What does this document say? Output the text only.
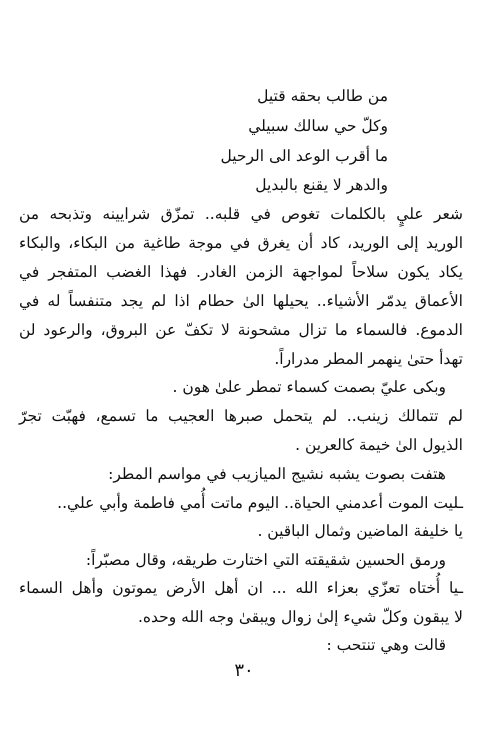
من طالب بحقه قتيل
وكلّ حي سالك سبيلي
ما أقرب الوعد الى الرحيل
والدهر لا يقنع بالبديل
شعر عليٍ بالكلمات تغوص في قلبه.. تمزّق شرايينه وتذبحه من
الوريد إلى الوريد، كاد أن يغرق في موجة طاغية من البكاء، والبكاء
يكاد يكون سلاحاً لمواجهة الزمن الغادر. فهذا الغضب المتفجر في
الأعماق يدمّر الأشياء.. يحيلها الىٰ حطام اذا لم يجد متنفساً له في
الدموع. فالسماء ما تزال مشحونة لا تكفّ عن البروق، والرعود لن
تهدأ حتىٰ ينهمر المطر مدراراً.
وبكى عليّ بصمت كسماء تمطر علىٰ هون .
لم تتمالك زينب.. لم يتحمل صبرها العجيب ما تسمع، فهبّت تجرّ
الذيول الىٰ خيمة كالعرين .
هتفت بصوت يشبه نشيج الميازيب في مواسم المطر:
ـليت الموت أعدمني الحياة.. اليوم ماتت أُمي فاطمة وأبي علي..
يا خليفة الماضين وثمال الباقين .
ورمق الحسين شقيقته التي اختارت طريقه، وقال مصبّراً:
ـيا أُختاه تعزّي بعزاء الله ... ان أهل الأرض يموتون وأهل السماء
لا يبقون وكلّ شيء إلىٰ زوال ويبقىٰ وجه الله وحده.
قالت وهي تنتحب :
٣٠
